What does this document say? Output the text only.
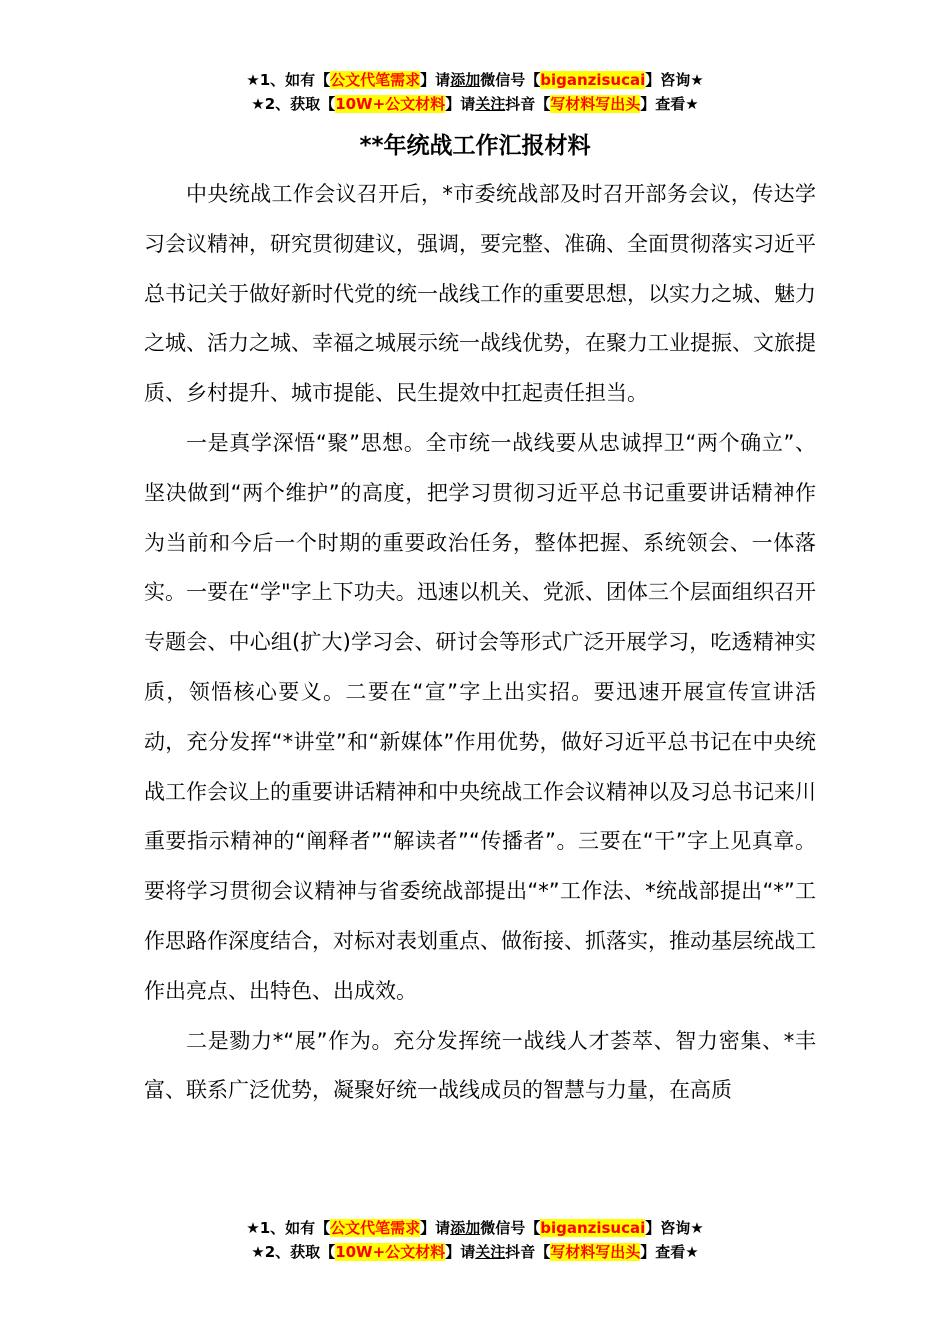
★1、如有【公文代笔需求】请添加微信号【biganzisucai】咨询★
★2、获取【10W+公文材料】请关注抖音【写材料写出头】查看★
**年统战工作汇报材料

中央统战工作会议召开后，*市委统战部及时召开部务会议，传达学习会议精神，研究贯彻建议，强调，要完整、准确、全面贯彻落实习近平总书记关于做好新时代党的统一战线工作的重要思想，以实力之城、魅力之城、活力之城、幸福之城展示统一战线优势，在聚力工业提振、文旅提质、乡村提升、城市提能、民生提效中扛起责任担当。

一是真学深悟“聚”思想。全市统一战线要从忠诚捍卫“两个确立”、坚决做到“两个维护”的高度，把学习贯彻习近平总书记重要讲话精神作为当前和今后一个时期的重要政治任务，整体把握、系统领会、一体落实。一要在“学"字上下功夫。迅速以机关、党派、团体三个层面组织召开专题会、中心组(扩大)学习会、研讨会等形式广泛开展学习，吃透精神实质，领悟核心要义。二要在“宣”字上出实招。要迅速开展宣传宣讲活动，充分发挥“*讲堂”和“新媒体”作用优势，做好习近平总书记在中央统战工作会议上的重要讲话精神和中央统战工作会议精神以及习总书记来川重要指示精神的“阐释者”“解读者”“传播者”。三要在“干”字上见真章。要将学习贯彻会议精神与省委统战部提出“*”工作法、*统战部提出“*”工作思路作深度结合，对标对表划重点、做衔接、抓落实，推动基层统战工作出亮点、出特色、出成效。

二是勠力*“展”作为。充分发挥统一战线人才荟萃、智力密集、*丰富、联系广泛优势，凝聚好统一战线成员的智慧与力量，在高质

★1、如有【公文代笔需求】请添加微信号【biganzisucai】咨询★
★2、获取【10W+公文材料】请关注抖音【写材料写出头】查看★
